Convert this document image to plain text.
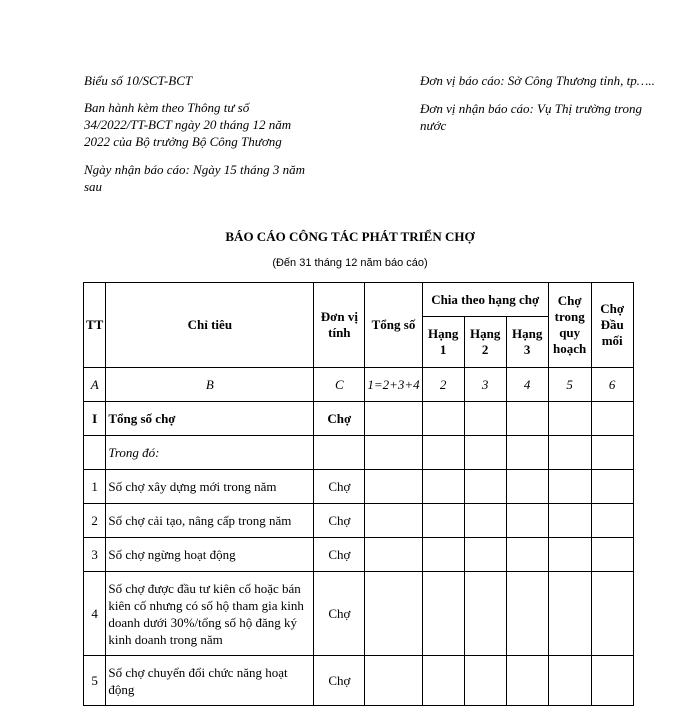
Biểu số 10/SCT-BCT

Ban hành kèm theo Thông tư số 34/2022/TT-BCT ngày 20 tháng 12 năm 2022 của Bộ trưởng Bộ Công Thương

Ngày nhận báo cáo: Ngày 15 tháng 3 năm sau

Đơn vị báo cáo: Sở Công Thương tỉnh, tp…..

Đơn vị nhận báo cáo: Vụ Thị trường trong nước

BÁO CÁO CÔNG TÁC PHÁT TRIỂN CHỢ
(Đến 31 tháng 12 năm báo cáo)
TT	Chỉ tiêu	Đơn vị tính	Tổng số	Chia theo hạng chợ			Chợ trong quy hoạch	Chợ Đầu mối
				Hạng 1	Hạng 2	Hạng 3		
A	B	C	1=2+3+4	2	3	4	5	6
I	Tổng số chợ	Chợ						
	Trong đó:							
1	Số chợ xây dựng mới trong năm	Chợ						
2	Số chợ cải tạo, nâng cấp trong năm	Chợ						
3	Số chợ ngừng hoạt động	Chợ						
4	Số chợ được đầu tư kiên cố hoặc bán kiên cố nhưng có số hộ tham gia kinh doanh dưới 30%/tổng số hộ đăng ký kinh doanh trong năm	Chợ						
5	Số chợ chuyển đổi chức năng hoạt động	Chợ						
